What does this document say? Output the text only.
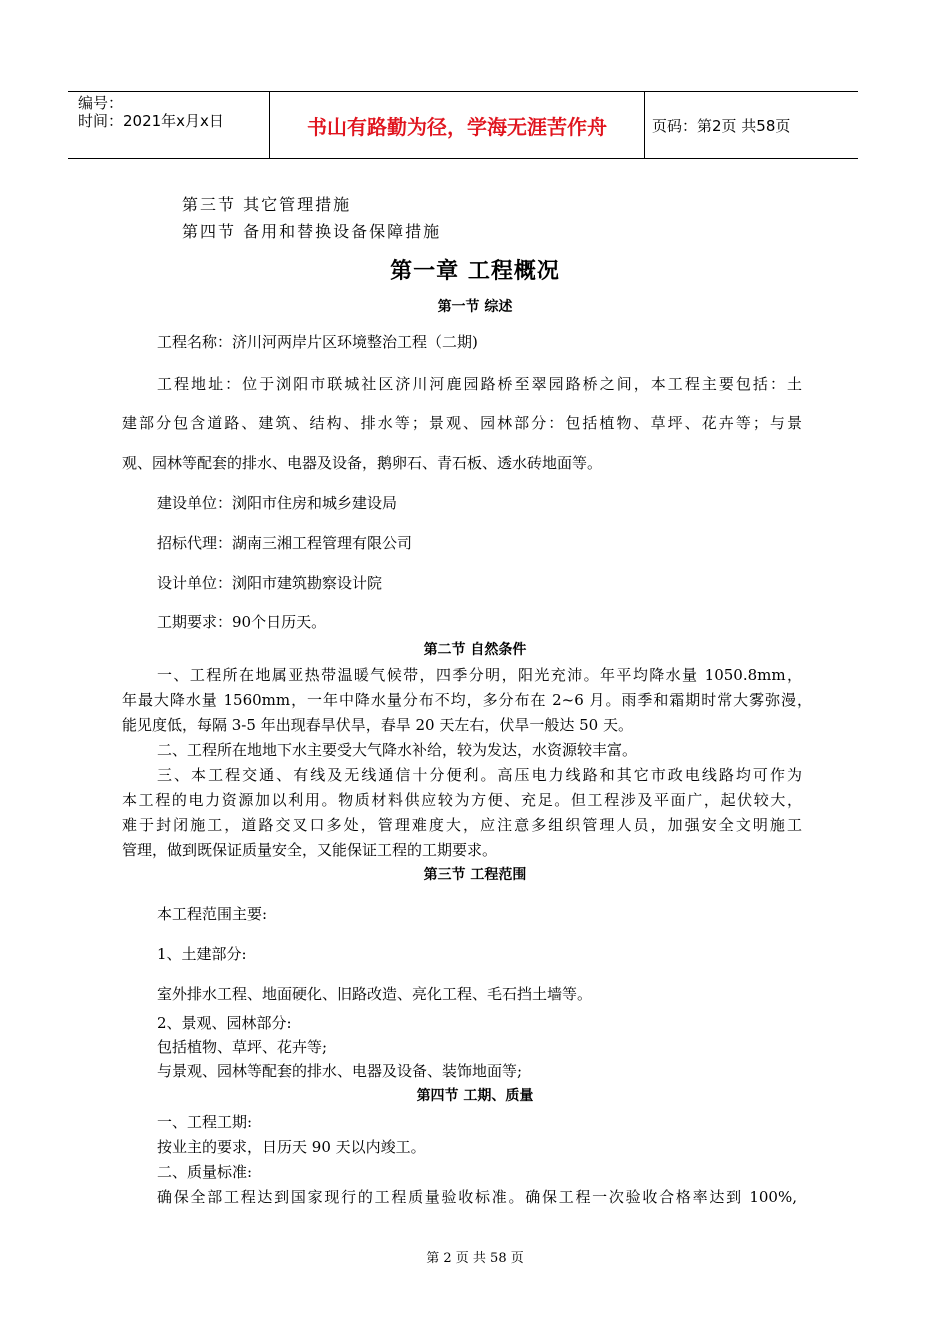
编号：
时间：2021年x月x日	书山有路勤为径，学海无涯苦作舟	页码：第2页 共58页
第三节 其它管理措施
第四节 备用和替换设备保障措施
第一章 工程概况
第一节 综述
工程名称：济川河两岸片区环境整治工程（二期)
工程地址：位于浏阳市联城社区济川河鹿园路桥至翠园路桥之间，本工程主要包括：土
建部分包含道路、建筑、结构、排水等；景观、园林部分：包括植物、草坪、花卉等；与景
观、园林等配套的排水、电器及设备，鹅卵石、青石板、透水砖地面等。
建设单位：浏阳市住房和城乡建设局
招标代理：湖南三湘工程管理有限公司
设计单位：浏阳市建筑勘察设计院
工期要求：90个日历天。
第二节 自然条件
一、工程所在地属亚热带温暖气候带，四季分明，阳光充沛。年平均降水量 1050.8mm，
年最大降水量 1560mm，一年中降水量分布不均，多分布在 2~6 月。雨季和霜期时常大雾弥漫，
能见度低，每隔 3-5 年出现春旱伏旱，春旱 20 天左右，伏旱一般达 50 天。
二、工程所在地地下水主要受大气降水补给，较为发达，水资源较丰富。
三、本工程交通、有线及无线通信十分便利。高压电力线路和其它市政电线路均可作为
本工程的电力资源加以利用。物质材料供应较为方便、充足。但工程涉及平面广，起伏较大，
难于封闭施工，道路交叉口多处，管理难度大，应注意多组织管理人员，加强安全文明施工
管理，做到既保证质量安全，又能保证工程的工期要求。
第三节 工程范围
本工程范围主要:
1、土建部分:
室外排水工程、地面硬化、旧路改造、亮化工程、毛石挡土墙等。
2、景观、园林部分:
包括植物、草坪、花卉等;
与景观、园林等配套的排水、电器及设备、装饰地面等;
第四节 工期、质量
一、工程工期:
按业主的要求，日历天 90 天以内竣工。
二、质量标准:
确保全部工程达到国家现行的工程质量验收标准。确保工程一次验收合格率达到 100%,
第 2 页 共 58 页
